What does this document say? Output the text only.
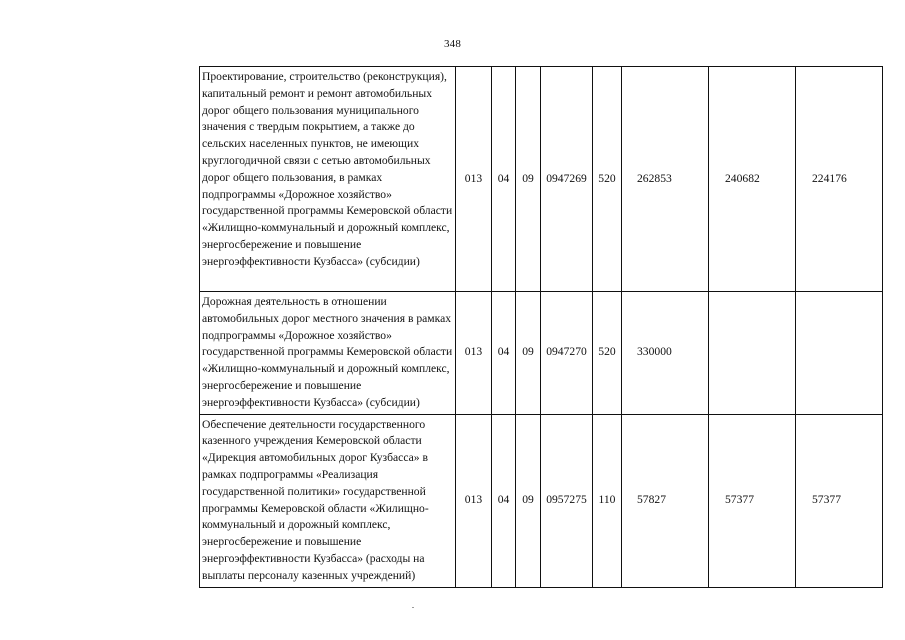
348
Проектирование, строительство (реконструкция), капитальный ремонт и ремонт автомобильных дорог общего пользования муниципального значения с твердым покрытием, а также до сельских населенных пунктов, не имеющих круглогодичной связи с сетью автомобильных дорог общего пользования, в рамках подпрограммы «Дорожное хозяйство» государственной программы Кемеровской области «Жилищно-коммунальный и дорожный комплекс, энергосбережение и повышение энергоэффективности Кузбасса» (субсидии)	013	04	09	0947269	520	262853	240682	224176
Дорожная деятельность в отношении автомобильных дорог местного значения в рамках подпрограммы «Дорожное хозяйство» государственной программы Кемеровской области «Жилищно-коммунальный и дорожный комплекс, энергосбережение и повышение энергоэффективности Кузбасса» (субсидии)	013	04	09	0947270	520	330000		
Обеспечение деятельности государственного казенного учреждения Кемеровской области «Дирекция автомобильных дорог Кузбасса» в рамках подпрограммы «Реализация государственной политики» государственной программы Кемеровской области «Жилищно-коммунальный и дорожный комплекс, энергосбережение и повышение энергоэффективности Кузбасса» (расходы на выплаты персоналу казенных учреждений)	013	04	09	0957275	110	57827	57377	57377
